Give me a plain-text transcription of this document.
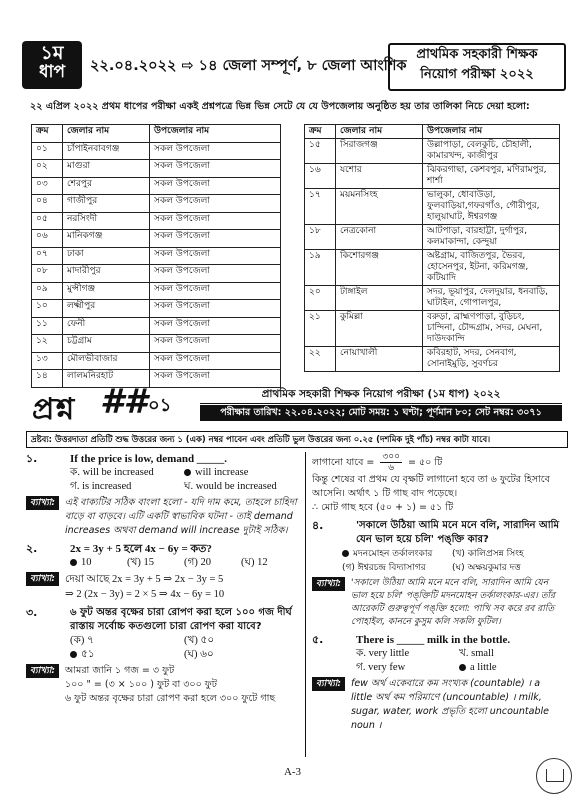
১ম
ধাপ	২২.০৪.২০২২ ⇨ ১৪ জেলা সম্পূর্ণ, ৮ জেলা আংশিক
প্রাথমিক সহকারী শিক্ষক
নিয়োগ পরীক্ষা ২০২২
২২ এপ্রিল ২০২২ প্রথম ধাপের পরীক্ষা একই প্রশ্নপত্রে ভিন্ন ভিন্ন সেটে যে যে উপজেলায় অনুষ্ঠিত হয় তার তালিকা নিচে দেয়া হলো:
ক্রম	জেলার নাম	উপজেলার নাম
০১	চাঁপাইনবাবগঞ্জ	সকল উপজেলা
০২	মাগুরা	সকল উপজেলা
০৩	শেরপুর	সকল উপজেলা
০৪	গাজীপুর	সকল উপজেলা
০৫	নরসিংদী	সকল উপজেলা
০৬	মানিকগঞ্জ	সকল উপজেলা
০৭	ঢাকা	সকল উপজেলা
০৮	মাদারীপুর	সকল উপজেলা
০৯	মুন্সীগঞ্জ	সকল উপজেলা
১০	লক্ষ্মীপুর	সকল উপজেলা
১১	ফেনী	সকল উপজেলা
১২	চট্টগ্রাম	সকল উপজেলা
১৩	মৌলভীবাজার	সকল উপজেলা
১৪	লালমনিরহাট	সকল উপজেলা
ক্রম	জেলার নাম	উপজেলার নাম
১৫	সিরাজগঞ্জ	উল্লাপাড়া, বেলকুচি, চৌহালী, কামারখন্দ, কাজীপুর
১৬	যশোর	ঝিকরগাছা, কেশবপুর, মণিরামপুর, শার্শা
১৭	ময়মনসিংহ	ভালুকা, ধোবাউড়া, ফুলবাড়িয়া,গফরগাঁও, গৌরীপুর, হালুয়াঘাট, ঈশ্বরগঞ্জ
১৮	নেত্রকোনা	আটপাড়া, বারহাট্টা, দুর্গাপুর, কলমাকান্দা, কেন্দুয়া
১৯	কিশোরগঞ্জ	অষ্টগ্রাম, বাজিতপুর, ভৈরব, হোসেনপুর, ইটনা, করিমগঞ্জ, কটিয়াদি
২০	টাঙ্গাইল	সদর, ভূয়াপুর, দেলদুয়ার, ধনবাড়ি, ঘাটাইল, গোপালপুর,
২১	কুমিল্লা	বরুড়া, ব্রাহ্মণপাড়া, বুড়িচং, চান্দিনা, চৌদ্দগ্রাম, সদর, মেঘনা, দাউদকান্দি
২২	নোয়াখালী	কবিরহাট, সদর, সেনবাগ, সোনাইমুড়ি, সুবর্ণচর
প্রশ্ন ## ০১
প্রাথমিক সহকারী শিক্ষক নিয়োগ পরীক্ষা (১ম ধাপ) ২০২২
পরীক্ষার তারিখ: ২২.০৪.২০২২; মোট সময়: ১ ঘণ্টা; পূর্ণমান ৮০; সেট নম্বর: ৩০৭১
দ্রষ্টব্য: উত্তরদাতা প্রতিটি শুদ্ধ উত্তরের জন্য ১ (এক) নম্বর পাবেন এবং প্রতিটি ভুল উত্তরের জন্য ০.২৫ (দশমিক দুই পাঁচ) নম্বর কাটা যাবে।
১.	If the price is low, demand _____.
ক. will be increased	will increase
গ. is increased	ঘ. would be increased
ব্যাখ্যা:	এই বাক্যটির সঠিক বাংলা হলো - যদি দাম কমে, তাহলে চাহিদা বাড়ে বা বাড়বে। এটি একটি স্বাভাবিক ঘটনা - তাই demand increases অথবা demand will increase দুটাই সঠিক।
২.	2x = 3y + 5 হলে 4x − 6y = কত?
10	(খ) 15	(গ) 20	(ঘ) 12
ব্যাখ্যা: দেয়া আছে 2x = 3y + 5 ⇒ 2x − 3y = 5
⇒ 2 (2x − 3y) = 2 × 5 ⇒ 4x − 6y = 10
৩.	৬ ফুট অন্তর বৃক্ষের চারা রোপণ করা হলে ১০০ গজ দীর্ঘ রাস্তায় সর্বোচ্চ কতগুলো চারা রোপণ করা যাবে?
(ক) ৭	(খ) ৫০
৫১	(ঘ) ৬০
ব্যাখ্যা:	আমরা জানি ১ গজ = ৩ ফুট
১০০ " = (৩ × ১০০ ) ফুট বা ৩০০ ফুট
৬ ফুট অন্তর বৃক্ষের চারা রোপণ করা হলে ৩০০ ফুটে গাছ
লাগানো যাবে = $\frac{৩০০}{৬}$ = ৫০ টি
কিন্তু শেষের বা প্রথম যে বৃক্ষটি লাগানো হবে তা ৬ ফুটের হিসাবে আসেনি। অর্থাৎ ১ টি গাছ বাদ পড়েছে।
∴ মোট গাছ হবে (৫০ + ১) = ৫১ টি
৪.	'সকালে উঠিয়া আমি মনে মনে বলি, সারাদিন আমি যেন ভাল হয়ে চলি' পঙ্‌ক্তি কার?
মদনমোহন তর্কালংকার	(খ) কালিপ্রসন্ন সিংহ
(গ) ঈশ্বরচন্দ্র বিদ্যাসাগর	(ঘ) অক্ষয়কুমার দত্ত
ব্যাখ্যা:	'সকালে উঠিয়া আমি মনে মনে বলি, সারাদিন আমি যেন ভাল হয়ে চলি' পঙ্‌ক্তিটি মদনমোহন তর্কালংকার-এর। তাঁর আরেকটি গুরুত্বপূর্ণ পঙ্‌ক্তি হলো: পাখি সব করে রব রাতি পোহাইল, কাননে কুসুম কলি সকলি ফুটিল।
৫.	There is _____ milk in the bottle.
ক. very little	খ. small
গ. very few	a little
ব্যাখ্যা:	few অর্থ একেবারে কম সংখ্যক (countable) । a little অর্থ কম পরিমাণে (uncountable) । milk, sugar, water, work প্রভৃতি হলো uncountable noun ।
A-3
